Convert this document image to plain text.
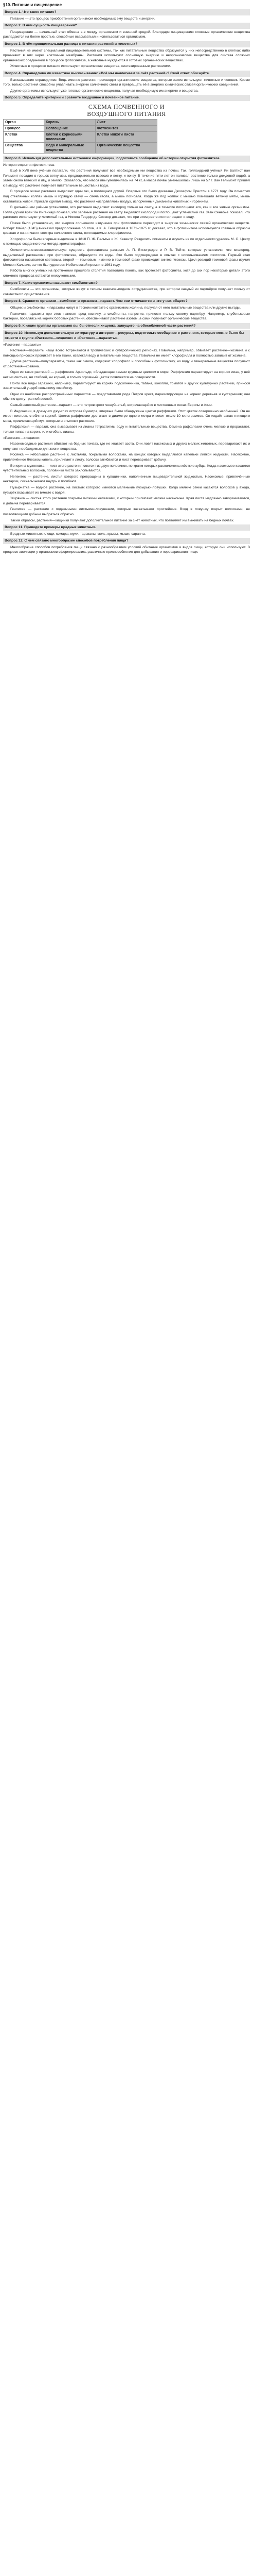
§10. Питание и пищеварение
Вопрос 1. Что такое питание?
Питание — это процесс приобретения организмом необходимых ему веществ и энергии.
Вопрос 2. В чём сущность пищеварения?
Пищеварение — начальный этап обмена в-в между организмом и внешней средой. Благодаря пищеварению сложные органические вещества распадаются на более простые, способные всасываться и использоваться организмом.
Вопрос 3. В чём принципиальная разница в питании растений и животных?
Растения не имеют специальной пищеварительной системы, так как питательные вещества образуются у них непосредственно в клетках либо проникают в них через клеточные мембраны. Растения используют солнечную энергию и неорганические вещества для синтеза сложных органических соединений в процессе фотосинтеза, а животные нуждаются в готовых органических веществах.
Животные в процессе питания используют органические вещества, синтезированные растениями.
Вопрос 4. Справедливо ли известное высказывание: «Всё мы наилегчаем за счёт растений»? Свой ответ обоснуйте.
Высказывание справедливо. Ведь именно растения производят органические вещества, которые затем используют животные и человек. Кроме того, только растения способны улавливать энергию солнечного света и превращать её в энергию химических связей органических соединений.
Другие организмы используют уже готовые органические вещества, получая необходимую им энергию и вещества.
Вопрос 5. Определите критерии и сравните воздушное и почвенное питание.
СХЕМА ПОЧВЕННОГО И
ВОЗДУШНОГО ПИТАНИЯ
Орган	Корень	Лист
Процесс	Поглощение	Фотосинтез
Клетки	Клетки с корневыми волосками	Клетки мякоти листа
Вещества	Вода и минеральные вещества	Органические вещества
Вопрос 6. Используя дополнительные источники информации, подготовьте сообщение об истории открытия фотосинтеза.
История открытия фотосинтеза
Ещё в XVII веке учёные полагали, что растения получают все необходимые им вещества из почвы. Так, голландский учёный Ян Баптист ван Гельмонт посадил в горшок ветку ивы, предварительно взвесив и ветку, и почву. В течение пяти лет он поливал растение только дождевой водой, а затем снова взвесил и иву, и землю. Оказалось, что масса ивы увеличилась на 74 кг, а масса почвы уменьшилась лишь на 57 г. Ван Гельмонт пришёл к выводу, что растение получает питательные вещества из воды.
В процессе жизни растения выделяют один газ, а поглощают другой. Впервые это было доказано Джозефом Пристли в 1771 году. Он поместил под стеклянный колпак мышь и горящую свечу — свеча гасла, а мышь погибала. Когда же под колпак с мышью помещали веточку мяты, мышь оставалась живой. Пристли сделал вывод, что растения «исправляют» воздух, испорченный дыханием животных и горением.
В дальнейшем учёные установили, что растения выделяют кислород только на свету, а в темноте поглощают его, как и все живые организмы. Голландский врач Ян Ингенхауз показал, что зелёные растения на свету выделяют кислород и поглощают углекислый газ. Жан Сенебье показал, что растения используют углекислый газ, а Никола Теодор де Соссюр доказал, что при этом растения поглощают и воду.
Позже было установлено, что энергия солнечного излучения при фотосинтезе переходит в энергию химических связей органических веществ. Роберт Майер (1845) высказал предположение об этом, а К. А. Тимирязев в 1871–1875 гг. доказал, что в фотосинтезе используется главным образом красная и синяя части спектра солнечного света, поглощаемые хлорофиллом.
Хлорофиллы были впервые выделены в 1818 П. Ж. Пельтье и Ж. Кавенту. Разделить пигменты и изучить их по отдельности удалось М. С. Цвету с помощью созданного им метода хроматографии.
Окислительно-восстановительную сущность фотосинтеза раскрыл А. П. Виноградов и Р. В. Тейтс, которые установили, что кислород, выделяемый растениями при фотосинтезе, образуется из воды. Это было подтверждено в опытах с использованием изотопов. Первый этап фотосинтеза называется световым, второй — темновым; именно в темновой фазе происходит синтез глюкозы. Цикл реакций темновой фазы изучил Мелвин Кальвин, за что был удостоен Нобелевской премии в 1961 году.
Работа многих учёных на протяжении прошлого столетия позволила понять, как протекает фотосинтез, хотя до сих пор некоторые детали этого сложного процесса остаются неизученными.
Вопрос 7. Какие организмы называют симбионтами?
Симбионты — это организмы, которые живут в тесном взаимовыгодном сотрудничестве, при котором каждый из партнёров получает пользу от совместного существования.
Вопрос 8. Сравните организм—симбионт и организм—паразит. Чем они отличаются и что у них общего?
Общее: и симбионты, и паразиты живут в тесном контакте с организмом хозяина, получая от него питательные вещества или другие выгоды.
Различия: паразиты при этом наносят вред хозяину, а симбионты, напротив, приносят пользу своему партнёру. Например, клубеньковые бактерии, поселяясь на корнях бобовых растений, обеспечивают растение азотом, а сами получают органические вещества.
Вопрос 9. К каким группам организмов вы бы отнесли хищника, живущего на обособленной части растений?
Вопрос 10. Используя дополнительную литературу и интернет—ресурсы, подготовьте сообщение о растениях, которые можно было бы отнести к группе «Растения—хищники» и «Растения—паразиты».
«Растения—паразиты»
Растения—паразиты чаще всего встречаются в тропических и субтропических регионах. Повилика, например, обвивает растение—хозяина и с помощью присосок проникает в его ткани, извлекая воду и питательные вещества. Повилика не имеет хлорофилла и полностью зависит от хозяина.
Другие растения—полупаразиты, такие как омела, содержат хлорофилл и способны к фотосинтезу, но воду и минеральные вещества получают от растения—хозяина.
Одно из таких растений — раффлезия Арнольди, обладающая самым крупным цветком в мире. Раффлезия паразитирует на корнях лиан, у неё нет ни листьев, ни стеблей, ни корней, и только огромный цветок появляется на поверхности.
Почти все виды заразихи, например, паразитируют на корнях подсолнечника, табака, конопли, томатов и других культурных растений, принося значительный ущерб сельскому хозяйству.
Одни из наиболее распространённых паразитов — представители рода Петров крест, паразитирующие на корнях деревьев и кустарников; они обычно цветут ранней весной.
Самый известный растение—паразит — это петров крест чешуйчатый, встречающийся в лиственных лесах Европы и Азии.
В Индонезии, в дремучих джунглях острова Суматра, впервые были обнаружены цветки раффлезии. Этот цветок совершенно необычный. Он не имеет листьев, стебля и корней. Цветок раффлезии достигает в диаметре одного метра и весит около 10 килограммов. Он издаёт запах гниющего мяса, привлекающий мух, которые и опыляют растение.
Раффлезия — паразит, она высасывает из лианы тетрастигмы воду и питательные вещества. Семена раффлезии очень мелкие и прорастают, только попав на корень или стебель лианы.
«Растения—хищники»
Насекомоядные растения обитают на бедных почвах, где не хватает азота. Они ловят насекомых и других мелких животных, переваривают их и получают необходимые для жизни вещества.
Росянка — небольшое растение с листьями, покрытыми волосками, на концах которых выделяются капельки липкой жидкости. Насекомое, привлечённое блеском капель, прилипает к листу, волоски загибаются и лист переваривает добычу.
Венерина мухоловка — лист этого растения состоит из двух половинок, по краям которых расположены жёсткие зубцы. Когда насекомое касается чувствительных волосков, половинки листа захлопываются.
Непентес — растение, листья которого превращены в кувшинчики, наполненные пищеварительной жидкостью. Насекомые, привлечённые нектаром, соскальзывают внутрь и погибают.
Пузырчатка — водное растение, на листьях которого имеются маленькие пузырьки-ловушки. Когда мелкие рачки касаются волосков у входа, пузырёк всасывает их вместе с водой.
Жирянка — листья этого растения покрыты липкими железками, к которым прилипают мелкие насекомые. Края листа медленно заворачиваются, и добыча переваривается.
Генлисея — растение с подземными листьями-ловушками, которые захватывают простейших. Вход в ловушку покрыт волосками, не позволяющими добыче выбраться обратно.
Таким образом, растения—хищники получают дополнительное питание за счёт животных, что позволяет им выживать на бедных почвах.
Вопрос 11. Приведите примеры вредных животных.
Вредные животные: клещи, комары, мухи, тараканы, моль, крысы, мыши, саранча.
Вопрос 12. С чем связано многообразие способов потребления пищи?
Многообразие способов потребления пищи связано с разнообразием условий обитания организмов и видов пищи, которую они используют. В процессе эволюции у организмов сформировались различные приспособления для добывания и переваривания пищи.
